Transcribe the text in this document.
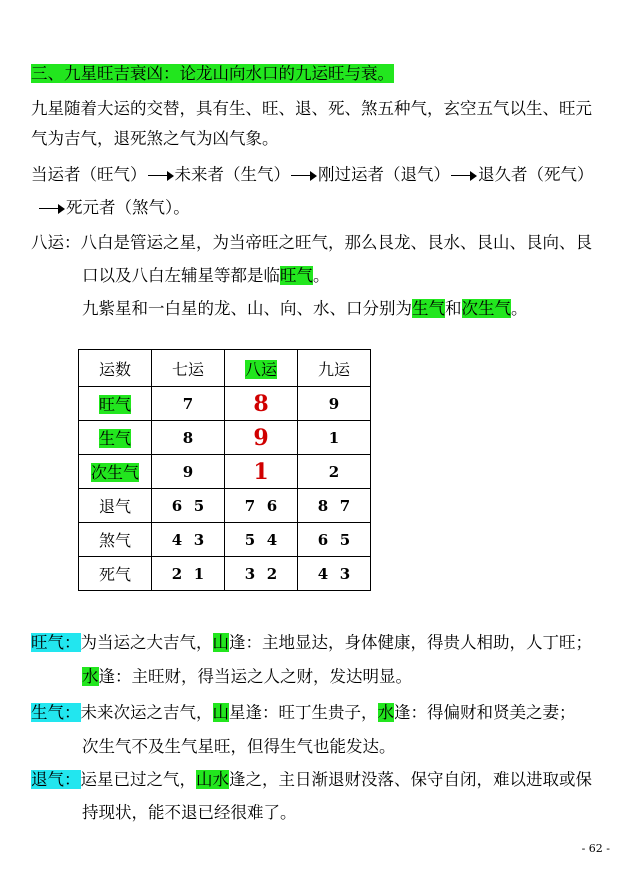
三、九星旺吉衰凶：论龙山向水口的九运旺与衰。
九星随着大运的交替，具有生、旺、退、死、煞五种气，玄空五气以生、旺元
气为吉气，退死煞之气为凶气象。
当运者（旺气） 未来者（生气） 刚过运者（退气） 退久者（死气）
死元者（煞气）。
八运：八白是管运之星，为当帝旺之旺气，那么艮龙、艮水、艮山、艮向、艮
口以及八白左辅星等都是临旺气。
九紫星和一白星的龙、山、向、水、口分别为生气和次生气。
运数	七运	八运	九运
旺气	7	8	9
生气	8	9	1
次生气	9	1	2
退气	6 5	7 6	8 7
煞气	4 3	5 4	6 5
死气	2 1	3 2	4 3
旺气：为当运之大吉气，山逢：主地显达，身体健康，得贵人相助，人丁旺；
水逢：主旺财，得当运之人之财，发达明显。
生气：未来次运之吉气，山星逢：旺丁生贵子，水逢：得偏财和贤美之妻；
次生气不及生气星旺，但得生气也能发达。
退气：运星已过之气，山水逢之，主日渐退财没落、保守自闭，难以进取或保
持现状，能不退已经很难了。
- 62 -
